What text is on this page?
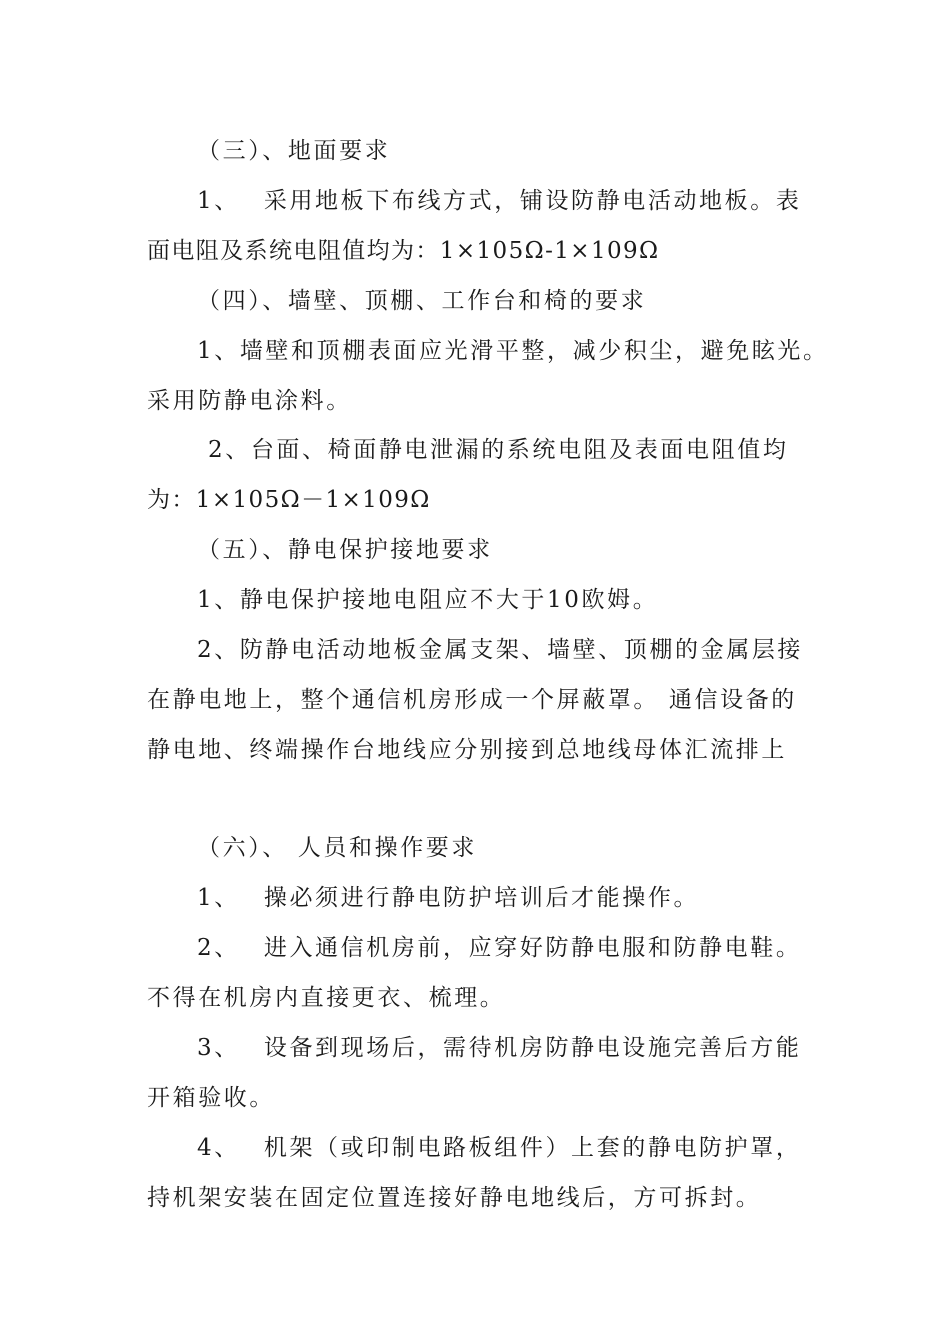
（三）、地面要求
1、　 采用地板下布线方式，铺设防静电活动地板。表
面电阻及系统电阻值均为：1×105Ω-1×109Ω
（四）、墙壁、顶棚、工作台和椅的要求
1、墙壁和顶棚表面应光滑平整，减少积尘，避免眩光。
采用防静电涂料。
2、台面、椅面静电泄漏的系统电阻及表面电阻值均
为：1×105Ω－1×109Ω
（五）、静电保护接地要求
1、静电保护接地电阻应不大于10欧姆。
2、防静电活动地板金属支架、墙壁、顶棚的金属层接
在静电地上，整个通信机房形成一个屏蔽罩。 通信设备的
静电地、终端操作台地线应分别接到总地线母体汇流排上
（六）、 人员和操作要求
1、　 操必须进行静电防护培训后才能操作。
2、　 进入通信机房前，应穿好防静电服和防静电鞋。
不得在机房内直接更衣、梳理。
3、　 设备到现场后，需待机房防静电设施完善后方能
开箱验收。
4、　 机架（或印制电路板组件）上套的静电防护罩，
持机架安装在固定位置连接好静电地线后，方可拆封。
